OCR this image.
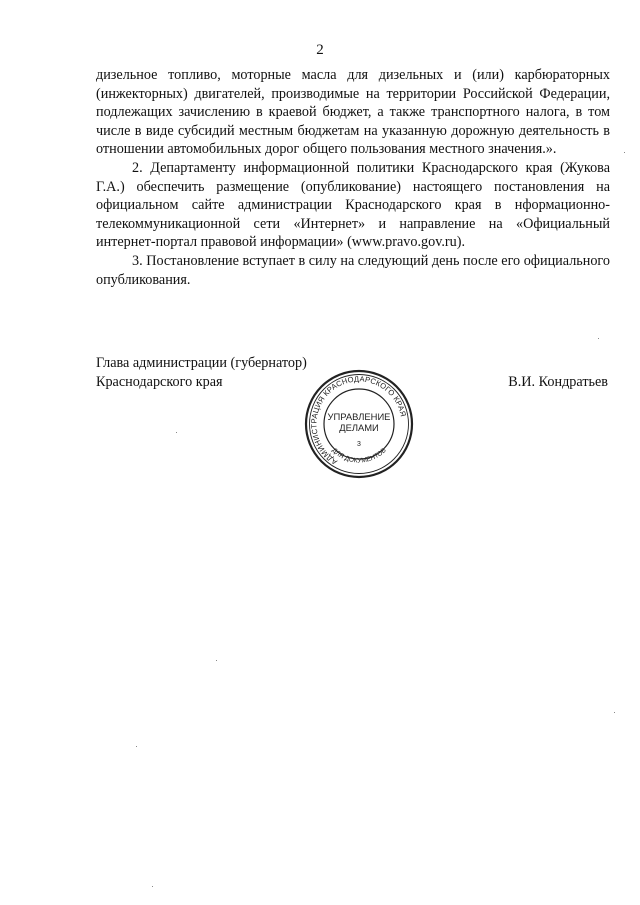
2

дизельное топливо, моторные масла для дизельных и (или) карбюраторных (инжекторных) двигателей, производимые на территории Российской Федерации, подлежащих зачислению в краевой бюджет, а также транспортного налога, в том числе в виде субсидий местным бюджетам на указанную дорожную деятельность в отношении автомобильных дорог общего пользования местного значения.».

2. Департаменту информационной политики Краснодарского края (Жукова Г.А.) обеспечить размещение (опубликование) настоящего постановления на официальном сайте администрации Краснодарского края в нформационно-телекоммуникационной сети «Интернет» и направление на «Официальный интернет-портал правовой информации» (www.pravo.gov.ru).

3. Постановление вступает в силу на следующий день после его официального опубликования.

Глава администрации (губернатор)
Краснодарского края	В.И. Кондратьев
АДМИНИСТРАЦИЯ КРАСНОДАРСКОГО КРАЯ
ДЛЯ ДОКУМЕНТОВ
УПРАВЛЕНИЕ
ДЕЛАМИ
3
